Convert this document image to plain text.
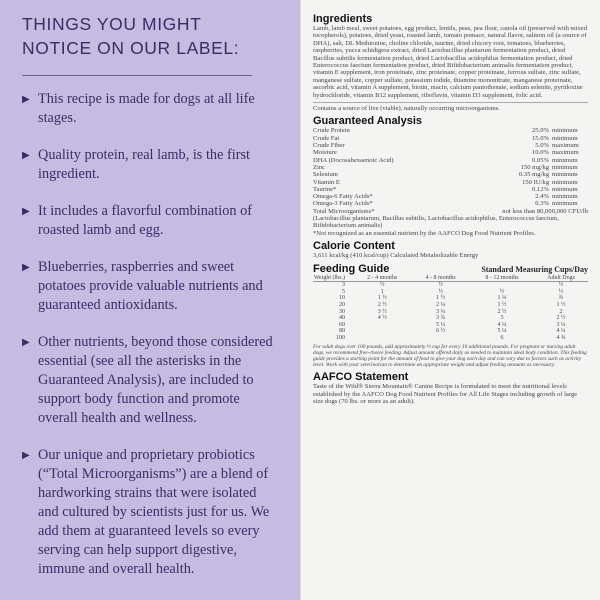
THINGS YOU MIGHT
NOTICE ON OUR LABEL:
▶ This recipe is made for dogs at all life stages.
▶ Quality protein, real lamb, is the first ingredient.
▶ It includes a flavorful combination of roasted lamb and egg.
▶ Blueberries, raspberries and sweet potatoes provide valuable nutrients and guaranteed antioxidants.
▶ Other nutrients, beyond those considered essential (see all the asterisks in the Guaranteed Analysis), are included to support body function and promote overall health and wellness.
▶ Our unique and proprietary probiotics (“Total Microorganisms”) are a blend of hardworking strains that were isolated and cultured by scientists just for us. We add them at guaranteed levels so every serving can help support digestive, immune and overall health.
Ingredients
Lamb, lamb meal, sweet potatoes, egg product, lentils, peas, pea flour, canola oil (preserved with mixed tocopherols), potatoes, dried yeast, roasted lamb, tomato pomace, natural flavor, salmon oil (a source of DHA), salt, DL Methionine, choline chloride, taurine, dried chicory root, tomatoes, blueberries, raspberries, yucca schidigera extract, dried Lactobacillus plantarum fermentation product, dried Bacillus subtilis fermentation product, dried Lactobacillus acidophilus fermentation product, dried Enterococcus faecium fermentation product, dried Bifidobacterium animalis fermentation product, vitamin E supplement, iron proteinate, zinc proteinate, copper proteinate, ferrous sulfate, zinc sulfate, manganese sulfate, copper sulfate, potassium iodide, thiamine mononitrate, manganese proteinate, ascorbic acid, vitamin A supplement, biotin, niacin, calcium pantothenate, sodium selenite, pyridoxine hydrochloride, vitamin B12 supplement, riboflavin, vitamin D3 supplement, folic acid.
Contains a source of live (viable), naturally occurring microorganisms.
Guaranteed Analysis
Crude Protein	25.0%	minimum
Crude Fat	15.0%	minimum
Crude Fiber	5.0%	maximum
Moisture	10.0%	maximum
DHA (Docosahexaenoic Acid)	0.05%	minimum
Zinc	150 mg/kg	minimum
Selenium	0.35 mg/kg	minimum
Vitamin E	150 IU/kg	minimum
Taurine*	0.12%	minimum
Omega-6 Fatty Acids*	2.4%	minimum
Omega-3 Fatty Acids*	0.3%	minimum
Total Microorganisms*	not less than 80,000,000 CFU/lb
(Lactobacillus plantarum, Bacillus subtilis, Lactobacillus acidophilus, Enterococcus faecium, Bifidobacterium animalis)
*Not recognized as an essential nutrient by the AAFCO Dog Food Nutrient Profiles.
Calorie Content
3,611 kcal/kg (410 kcal/cup) Calculated Metabolizable Energy
Feeding Guide	Standard Measuring Cups/Day
Weight (lbs.)	2 - 4 months	4 - 8 months	8 - 12 months	Adult Dogs
3	½	½		½
5	1	½	½	½
10	1 ½	1 ½	1 ¼	¾
20	2 ½	2 ¼	1 ½	1 ½
30	3 ½	3 ¼	2 ½	2
40	4 ½	3 ¾	3	2 ½
60		5 ¼	4 ¼	3 ¼
80		6 ½	5 ¼	4 ¼
100			6	4 ¾
For adult dogs over 100 pounds, add approximately ⅓ cup for every 10 additional pounds. For pregnant or nursing adult dogs, we recommend free-choice feeding. Adjust amount offered daily as needed to maintain ideal body condition. This feeding guide provides a starting point for the amount of food to give your dog each day and can vary due to factors such as activity level. Work with your veterinarian to determine an appropriate weight and adjust feeding amounts as necessary.
AAFCO Statement
Taste of the Wild® Sierra Mountain® Canine Recipe is formulated to meet the nutritional levels established by the AAFCO Dog Food Nutrient Profiles for All Life Stages including growth of large size dogs (70 lbs. or more as an adult).
